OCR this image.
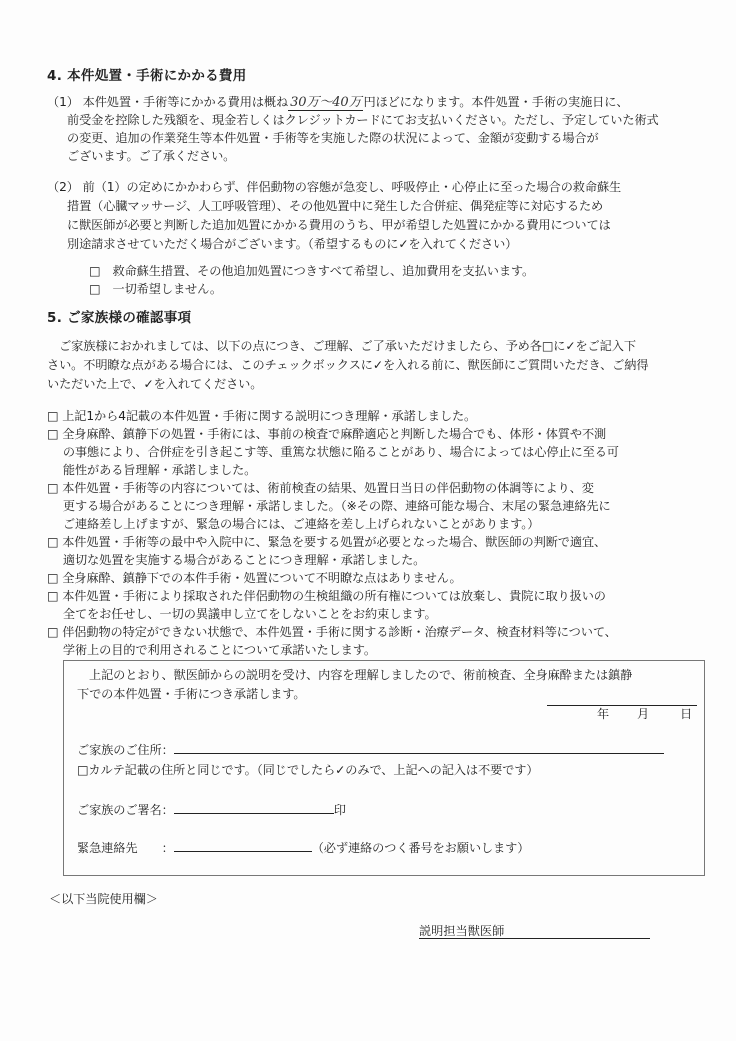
4. 本件処置・手術にかかる費用
（1） 本件処置・手術等にかかる費用は概ね 30万〜40万 円ほどになります。本件処置・手術の実施日に、
前受金を控除した残額を、現金若しくはクレジットカードにてお支払いください。ただし、予定していた術式
の変更、追加の作業発生等本件処置・手術等を実施した際の状況によって、金額が変動する場合が
ございます。ご了承ください。
（2） 前（1）の定めにかかわらず、伴侶動物の容態が急変し、呼吸停止・心停止に至った場合の救命蘇生
措置（心臓マッサージ、人工呼吸管理）、その他処置中に発生した合併症、偶発症等に対応するため
に獣医師が必要と判断した追加処置にかかる費用のうち、甲が希望した処置にかかる費用については
別途請求させていただく場合がございます。（希望するものに✓を入れてください）
□　救命蘇生措置、その他追加処置につきすべて希望し、追加費用を支払います。
□　一切希望しません。
5. ご家族様の確認事項
　ご家族様におかれましては、以下の点につき、ご理解、ご了承いただけましたら、予め各□に✓をご記入下
さい。不明瞭な点がある場合には、このチェックボックスに✓を入れる前に、獣医師にご質問いただき、ご納得
いただいた上で、✓を入れてください。
□ 上記1から4記載の本件処置・手術に関する説明につき理解・承諾しました。
□ 全身麻酔、鎮静下の処置・手術には、事前の検査で麻酔適応と判断した場合でも、体形・体質や不測
　 の事態により、合併症を引き起こす等、重篤な状態に陥ることがあり、場合によっては心停止に至る可
　 能性がある旨理解・承諾しました。
□ 本件処置・手術等の内容については、術前検査の結果、処置日当日の伴侶動物の体調等により、変
　 更する場合があることにつき理解・承諾しました。（※その際、連絡可能な場合、末尾の緊急連絡先に
　 ご連絡差し上げますが、緊急の場合には、ご連絡を差し上げられないことがあります。）
□ 本件処置・手術等の最中や入院中に、緊急を要する処置が必要となった場合、獣医師の判断で適宜、
　 適切な処置を実施する場合があることにつき理解・承諾しました。
□ 全身麻酔、鎮静下での本件手術・処置について不明瞭な点はありません。
□ 本件処置・手術により採取された伴侶動物の生検組織の所有権については放棄し、貴院に取り扱いの
　 全てをお任せし、一切の異議申し立てをしないことをお約束します。
□ 伴侶動物の特定ができない状態で、本件処置・手術に関する診断・治療データ、検査材料等について、
　 学術上の目的で利用されることについて承諾いたします。
上記のとおり、獣医師からの説明を受け、内容を理解しましたので、術前検査、全身麻酔または鎮静
下での本件処置・手術につき承諾します。
年 月	日
ご家族のご住所：
□カルテ記載の住所と同じです。（同じでしたら✓のみで、上記への記入は不要です）
ご家族のご署名：	印
緊急連絡先　　：	（必ず連絡のつく番号をお願いします）
＜以下当院使用欄＞
説明担当獣医師
